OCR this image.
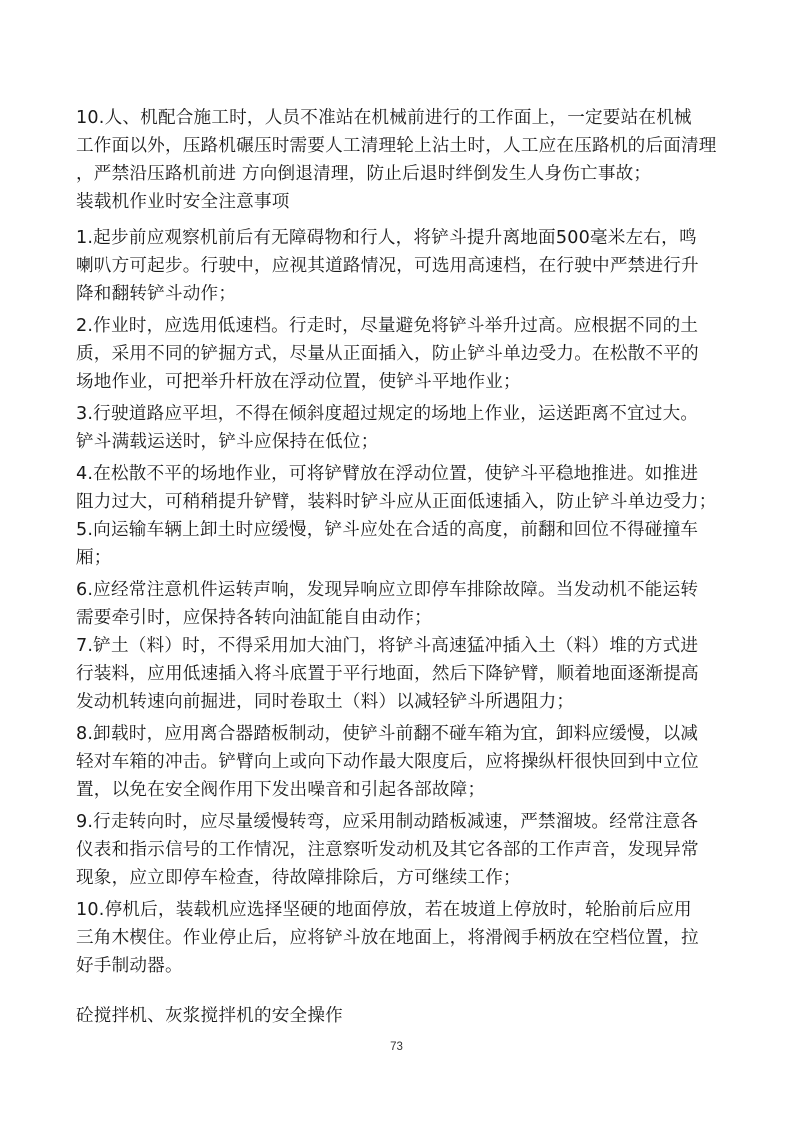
10.人、机配合施工时，人员不准站在机械前进行的工作面上，一定要站在机械
工作面以外，压路机碾压时需要人工清理轮上沾土时，人工应在压路机的后面清理
，严禁沿压路机前进 方向倒退清理，防止后退时绊倒发生人身伤亡事故；
装载机作业时安全注意事项
1.起步前应观察机前后有无障碍物和行人，将铲斗提升离地面500毫米左右，鸣
喇叭方可起步。行驶中，应视其道路情况，可选用高速档，在行驶中严禁进行升
降和翻转铲斗动作；
2.作业时，应选用低速档。行走时，尽量避免将铲斗举升过高。应根据不同的土
质，采用不同的铲掘方式，尽量从正面插入，防止铲斗单边受力。在松散不平的
场地作业，可把举升杆放在浮动位置，使铲斗平地作业；
3.行驶道路应平坦，不得在倾斜度超过规定的场地上作业，运送距离不宜过大。
铲斗满载运送时，铲斗应保持在低位；
4.在松散不平的场地作业，可将铲臂放在浮动位置，使铲斗平稳地推进。如推进
阻力过大，可稍稍提升铲臂，装料时铲斗应从正面低速插入，防止铲斗单边受力；
5.向运输车辆上卸土时应缓慢，铲斗应处在合适的高度，前翻和回位不得碰撞车
厢；
6.应经常注意机件运转声响，发现异响应立即停车排除故障。当发动机不能运转
需要牵引时，应保持各转向油缸能自由动作；
7.铲土（料）时，不得采用加大油门，将铲斗高速猛冲插入土（料）堆的方式进
行装料，应用低速插入将斗底置于平行地面，然后下降铲臂，顺着地面逐渐提高
发动机转速向前掘进，同时卷取土（料）以减轻铲斗所遇阻力；
8.卸载时，应用离合器踏板制动，使铲斗前翻不碰车箱为宜，卸料应缓慢，以减
轻对车箱的冲击。铲臂向上或向下动作最大限度后，应将操纵杆很快回到中立位
置，以免在安全阀作用下发出噪音和引起各部故障；
9.行走转向时，应尽量缓慢转弯，应采用制动踏板减速，严禁溜坡。经常注意各
仪表和指示信号的工作情况，注意察听发动机及其它各部的工作声音，发现异常
现象，应立即停车检查，待故障排除后，方可继续工作；
10.停机后，装载机应选择坚硬的地面停放，若在坡道上停放时，轮胎前后应用
三角木楔住。作业停止后，应将铲斗放在地面上，将滑阀手柄放在空档位置，拉
好手制动器。
砼搅拌机、灰浆搅拌机的安全操作
73
